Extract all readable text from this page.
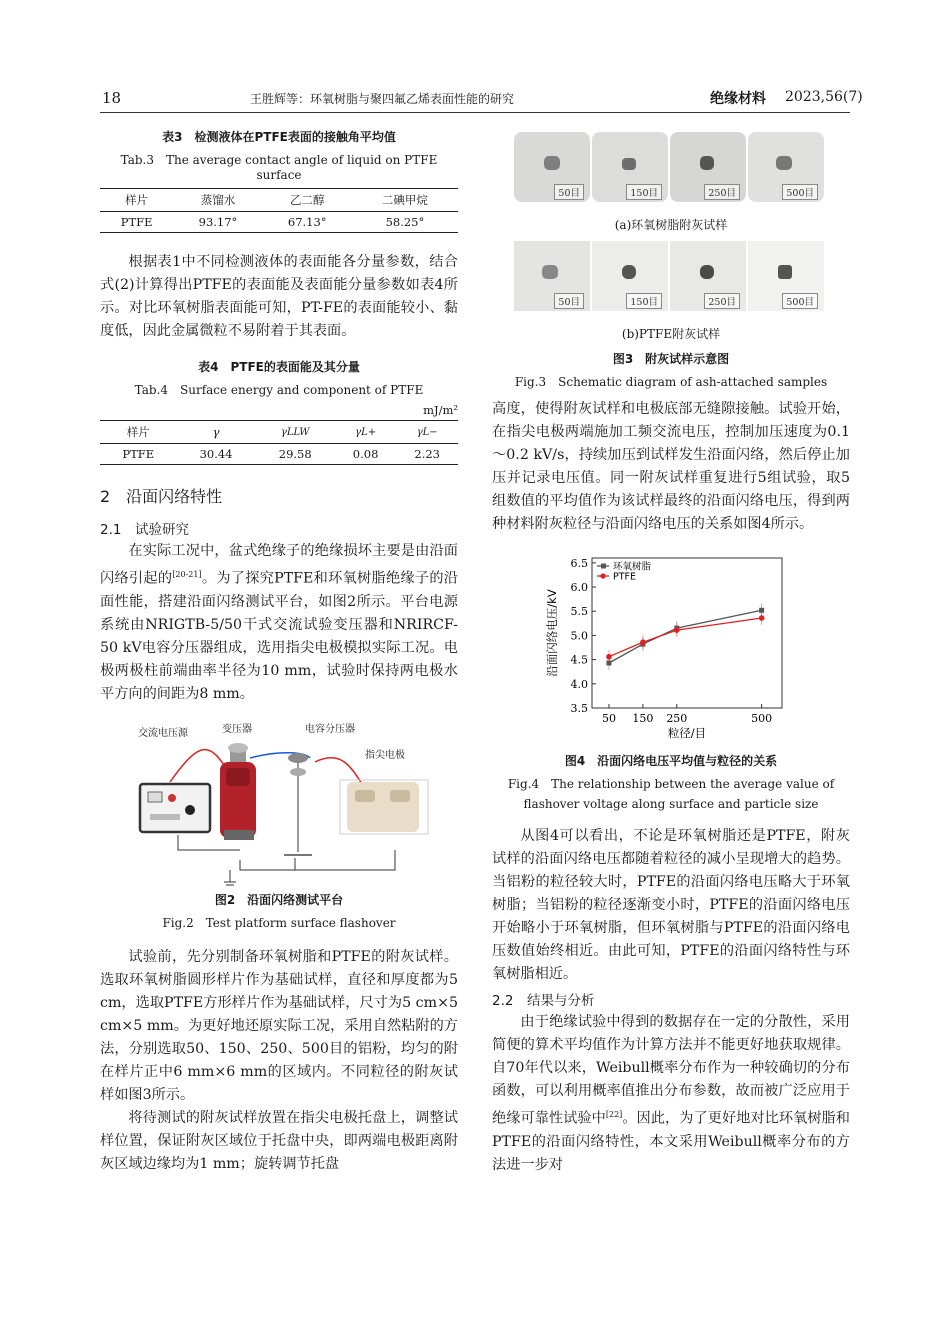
18	王胜辉等：环氧树脂与聚四氟乙烯表面性能的研究	绝缘材料 2023,56(7)
表3　检测液体在PTFE表面的接触角平均值
Tab.3　The average contact angle of liquid on PTFE surface
样片	蒸馏水	乙二醇	二碘甲烷
PTFE	93.17°	67.13°	58.25°

根据表1中不同检测液体的表面能各分量参数，结合式(2)计算得出PTFE的表面能及表面能分量参数如表4所示。对比环氧树脂表面能可知，PT-FE的表面能较小、黏度低，因此金属微粒不易附着于其表面。

表4　PTFE的表面能及其分量
Tab.4　Surface energy and component of PTFE
mJ/m²
样片	γ	γLLW	γL+	γL−
PTFE	30.44	29.58	0.08	2.23
2　沿面闪络特性
2.1　试验研究

在实际工况中，盆式绝缘子的绝缘损坏主要是由沿面闪络引起的[20-21]。为了探究PTFE和环氧树脂绝缘子的沿面性能，搭建沿面闪络测试平台，如图2所示。平台电源系统由NRIGTB-5/50干式交流试验变压器和NRIRCF-50 kV电容分压器组成，选用指尖电极模拟实际工况。电极两极柱前端曲率半径为10 mm，试验时保持两电极水平方向的间距为8 mm。

交流电压源	变压器	电容分压器
指尖电极
图2　沿面闪络测试平台
Fig.2　Test platform surface flashover

试验前，先分别制备环氧树脂和PTFE的附灰试样。选取环氧树脂圆形样片作为基础试样，直径和厚度都为5 cm，选取PTFE方形样片作为基础试样，尺寸为5 cm×5 cm×5 mm。为更好地还原实际工况，采用自然粘附的方法，分别选取50、150、250、500目的铝粉，均匀的附在样片正中6 mm×6 mm的区域内。不同粒径的附灰试样如图3所示。

将待测试的附灰试样放置在指尖电极托盘上，调整试样位置，保证附灰区域位于托盘中央，即两端电极距离附灰区域边缘均为1 mm；旋转调节托盘

50目	150目	250目	500目
(a)环氧树脂附灰试样
50目	150目	250目	500目
(b)PTFE附灰试样
图3　附灰试样示意图
Fig.3　Schematic diagram of ash-attached samples

高度，使得附灰试样和电极底部无缝隙接触。试验开始，在指尖电极两端施加工频交流电压，控制加压速度为0.1～0.2 kV/s，持续加压到试样发生沿面闪络，然后停止加压并记录电压值。同一附灰试样重复进行5组试验，取5组数值的平均值作为该试样最终的沿面闪络电压，得到两种材料附灰粒径与沿面闪络电压的关系如图4所示。

3.5
4.0
4.5
5.0
5.5
6.0
6.5
50 150 250	500
粒径/目
沿面闪络电压/kV
环氧树脂
PTFE
图4　沿面闪络电压平均值与粒径的关系
Fig.4　The relationship between the average value of
flashover voltage along surface and particle size

从图4可以看出，不论是环氧树脂还是PTFE，附灰试样的沿面闪络电压都随着粒径的减小呈现增大的趋势。当铝粉的粒径较大时，PTFE的沿面闪络电压略大于环氧树脂；当铝粉的粒径逐渐变小时，PTFE的沿面闪络电压开始略小于环氧树脂，但环氧树脂与PTFE的沿面闪络电压数值始终相近。由此可知，PTFE的沿面闪络特性与环氧树脂相近。

2.2　结果与分析

由于绝缘试验中得到的数据存在一定的分散性，采用简便的算术平均值作为计算方法并不能更好地获取规律。自70年代以来，Weibull概率分布作为一种较确切的分布函数，可以利用概率值推出分布参数，故而被广泛应用于绝缘可靠性试验中[22]。因此，为了更好地对比环氧树脂和PTFE的沿面闪络特性，本文采用Weibull概率分布的方法进一步对
